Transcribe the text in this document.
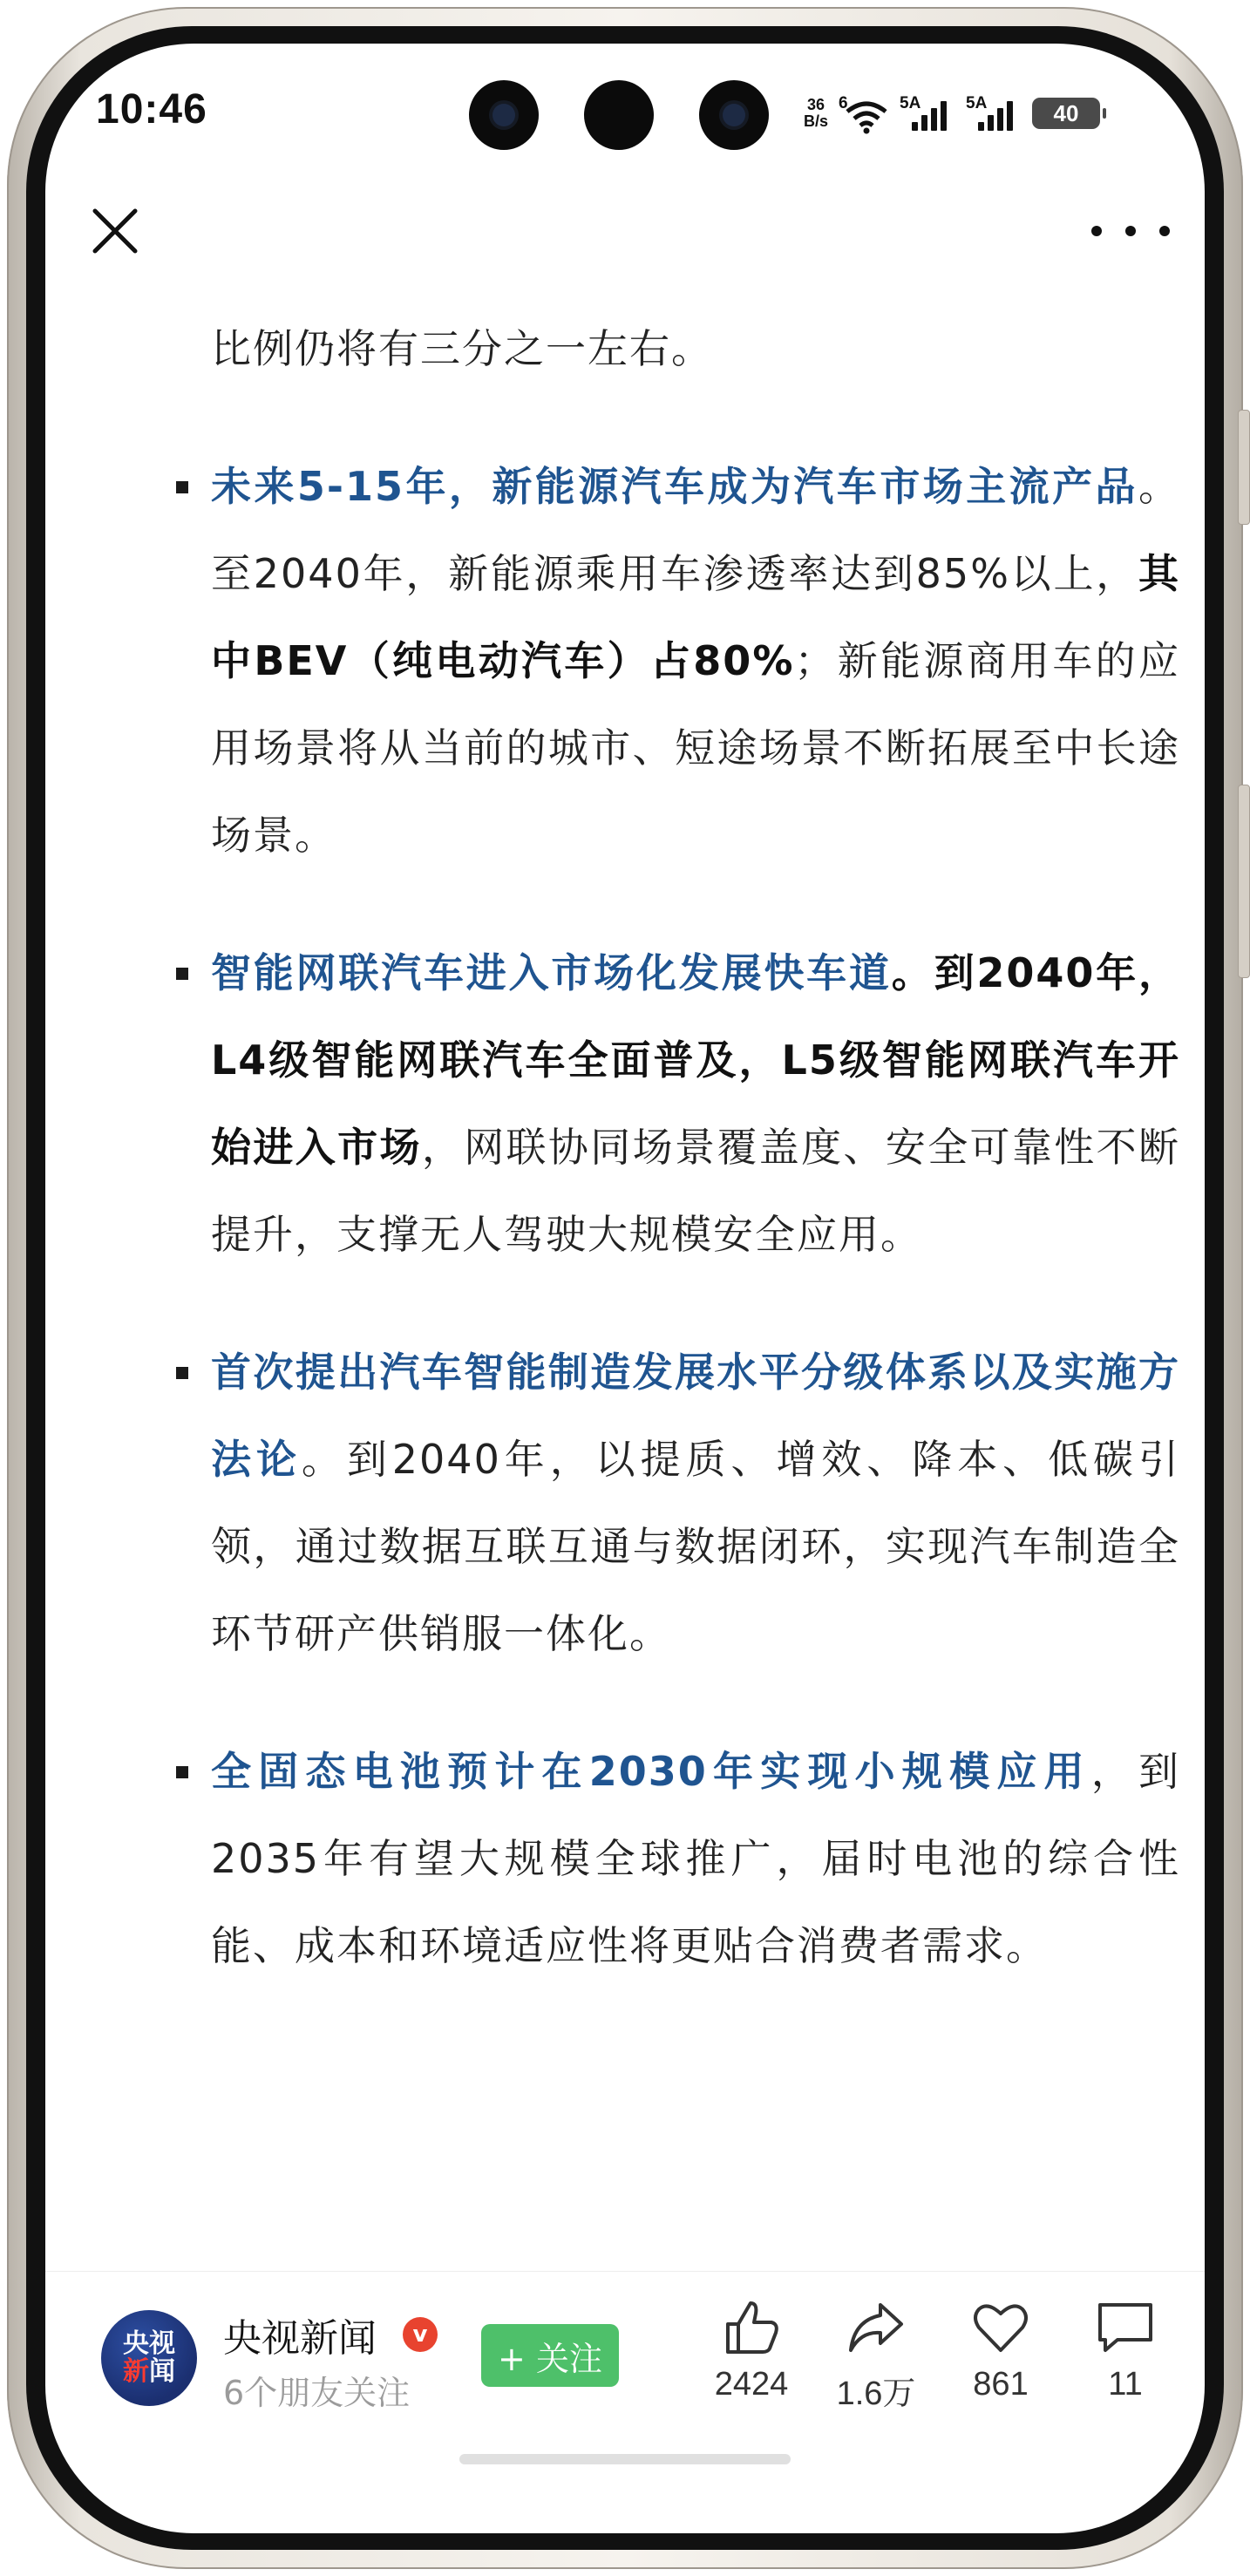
10:46	36
B/s
6	5A	5A	40

比例仍将有三分之一左右。

未来5-15年，新能源汽车成为汽车市场主流产品。至2040年，新能源乘用车渗透率达到85%以上，其中BEV（纯电动汽车）占80%；新能源商用车的应用场景将从当前的城市、短途场景不断拓展至中长途场景。

智能网联汽车进入市场化发展快车道。到2040年，L4级智能网联汽车全面普及，L5级智能网联汽车开始进入市场，网联协同场景覆盖度、安全可靠性不断提升，支撑无人驾驶大规模安全应用。

首次提出汽车智能制造发展水平分级体系以及实施方法论。到2040年，以提质、增效、降本、低碳引领，通过数据互联互通与数据闭环，实现汽车制造全环节研产供销服一体化。

全固态电池预计在2030年实现小规模应用，到2035年有望大规模全球推广，届时电池的综合性能、成本和环境适应性将更贴合消费者需求。

央视
新闻
央视新闻	v
6个朋友关注
+ 关注
2424	1.6万	861	11
